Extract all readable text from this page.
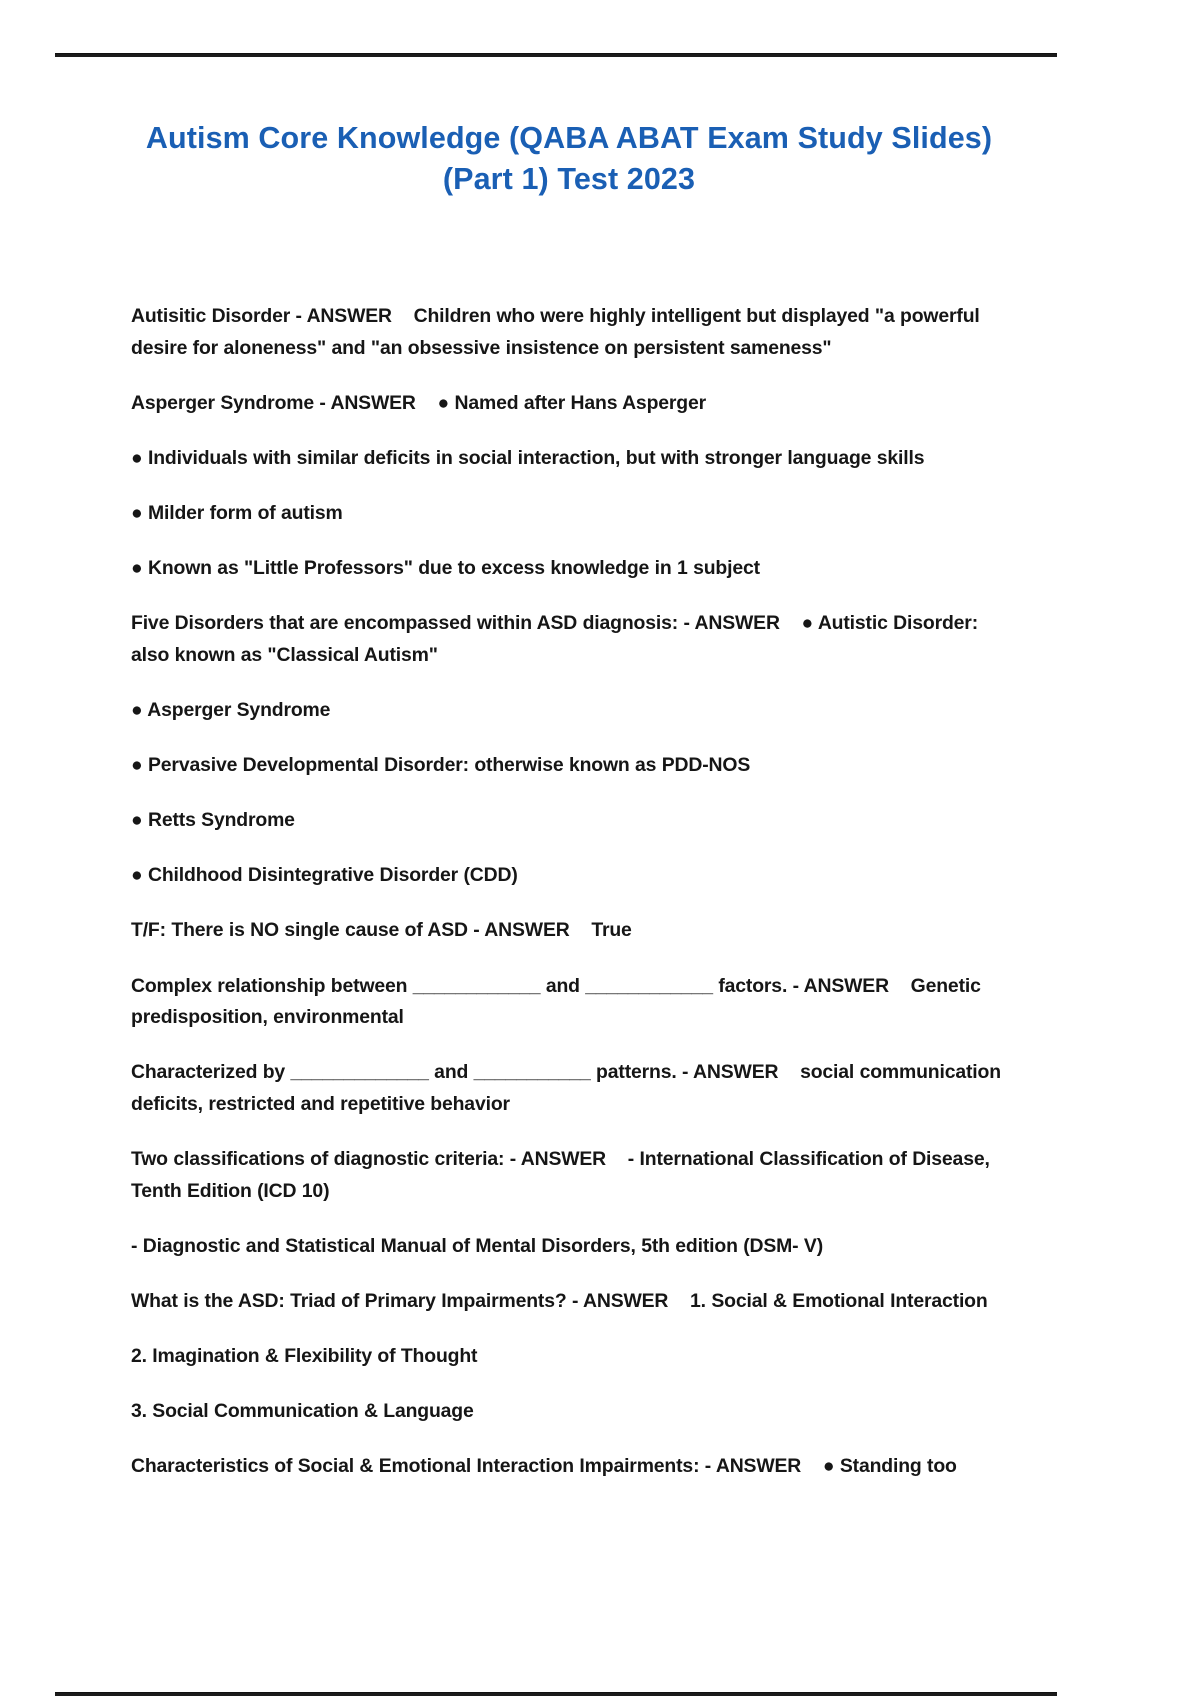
Autism Core Knowledge (QABA ABAT Exam Study Slides)
(Part 1) Test 2023

Autisitic Disorder - ANSWER    Children who were highly intelligent but displayed "a powerful desire for aloneness" and "an obsessive insistence on persistent sameness"

Asperger Syndrome - ANSWER    ● Named after Hans Asperger

● Individuals with similar deficits in social interaction, but with stronger language skills

● Milder form of autism

● Known as "Little Professors" due to excess knowledge in 1 subject

Five Disorders that are encompassed within ASD diagnosis: - ANSWER    ● Autistic Disorder: also known as "Classical Autism"

● Asperger Syndrome

● Pervasive Developmental Disorder: otherwise known as PDD-NOS

● Retts Syndrome

● Childhood Disintegrative Disorder (CDD)

T/F: There is NO single cause of ASD - ANSWER    True

Complex relationship between ____________ and ____________ factors. - ANSWER    Genetic predisposition, environmental

Characterized by _____________ and ___________ patterns. - ANSWER    social communication deficits, restricted and repetitive behavior

Two classifications of diagnostic criteria: - ANSWER    - International Classification of Disease, Tenth Edition (ICD 10)

- Diagnostic and Statistical Manual of Mental Disorders, 5th edition (DSM- V)

What is the ASD: Triad of Primary Impairments? - ANSWER    1. Social & Emotional Interaction

2. Imagination & Flexibility of Thought

3. Social Communication & Language

Characteristics of Social & Emotional Interaction Impairments: - ANSWER    ● Standing too
